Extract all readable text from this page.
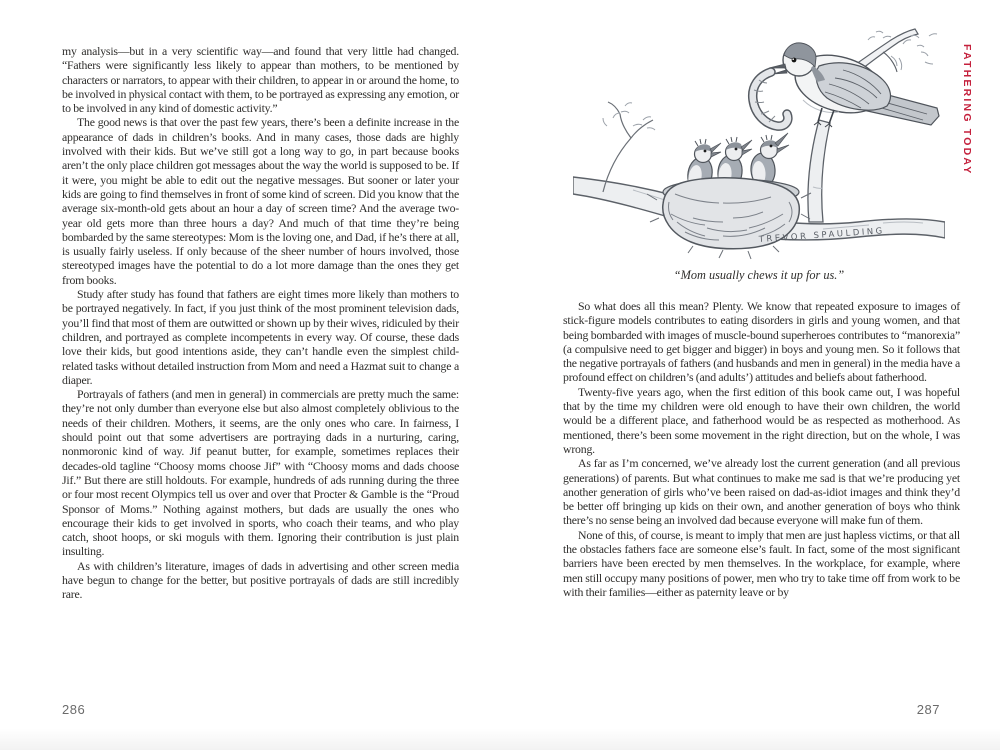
my analysis—but in a very scientific way—and found that very little had changed. “Fathers were significantly less likely to appear than mothers, to be mentioned by characters or narrators, to appear with their children, to appear in or around the home, to be involved in physical contact with them, to be portrayed as expressing any emotion, or to be involved in any kind of domestic activity.”

The good news is that over the past few years, there’s been a definite increase in the appearance of dads in children’s books. And in many cases, those dads are highly involved with their kids. But we’ve still got a long way to go, in part because books aren’t the only place children got messages about the way the world is supposed to be. If it were, you might be able to edit out the negative messages. But sooner or later your kids are going to find themselves in front of some kind of screen. Did you know that the average six-month-old gets about an hour a day of screen time? And the average two-year old gets more than three hours a day? And much of that time they’re being bombarded by the same stereotypes: Mom is the loving one, and Dad, if he’s there at all, is usually fairly useless. If only because of the sheer number of hours involved, those stereotyped images have the potential to do a lot more damage than the ones they get from books.

Study after study has found that fathers are eight times more likely than mothers to be portrayed negatively. In fact, if you just think of the most prominent television dads, you’ll find that most of them are outwitted or shown up by their wives, ridiculed by their children, and portrayed as complete incompetents in every way. Of course, these dads love their kids, but good intentions aside, they can’t handle even the simplest child-related tasks without detailed instruction from Mom and need a Hazmat suit to change a diaper.

Portrayals of fathers (and men in general) in commercials are pretty much the same: they’re not only dumber than everyone else but also almost completely oblivious to the needs of their children. Mothers, it seems, are the only ones who care. In fairness, I should point out that some advertisers are portraying dads in a nurturing, caring, nonmoronic kind of way. Jif peanut butter, for example, sometimes replaces their decades-old tagline “Choosy moms choose Jif” with “Choosy moms and dads choose Jif.” But there are still holdouts. For example, hundreds of ads running during the three or four most recent Olympics tell us over and over that Procter & Gamble is the “Proud Sponsor of Moms.” Nothing against mothers, but dads are usually the ones who encourage their kids to get involved in sports, who coach their teams, and who play catch, shoot hoops, or ski moguls with them. Ignoring their contribution is just plain insulting.

As with children’s literature, images of dads in advertising and other screen media have begun to change for the better, but positive portrayals of dads are still incredibly rare.

286
TREVOR SPAULDING
“Mom usually chews it up for us.”

So what does all this mean? Plenty. We know that repeated exposure to images of stick-figure models contributes to eating disorders in girls and young women, and that being bombarded with images of muscle-bound superheroes contributes to “manorexia” (a compulsive need to get bigger and bigger) in boys and young men. So it follows that the negative portrayals of fathers (and husbands and men in general) in the media have a profound effect on children’s (and adults’) attitudes and beliefs about fatherhood.

Twenty-five years ago, when the first edition of this book came out, I was hopeful that by the time my children were old enough to have their own children, the world would be a different place, and fatherhood would be as respected as motherhood. As mentioned, there’s been some movement in the right direction, but on the whole, I was wrong.

As far as I’m concerned, we’ve already lost the current generation (and all previous generations) of parents. But what continues to make me sad is that we’re producing yet another generation of girls who’ve been raised on dad-as-idiot images and think they’d be better off bringing up kids on their own, and another generation of boys who think there’s no sense being an involved dad because everyone will make fun of them.

None of this, of course, is meant to imply that men are just hapless victims, or that all the obstacles fathers face are someone else’s fault. In fact, some of the most significant barriers have been erected by men themselves. In the workplace, for example, where men still occupy many positions of power, men who try to take time off from work to be with their families—either as paternity leave or by

FATHERING TODAY
287
